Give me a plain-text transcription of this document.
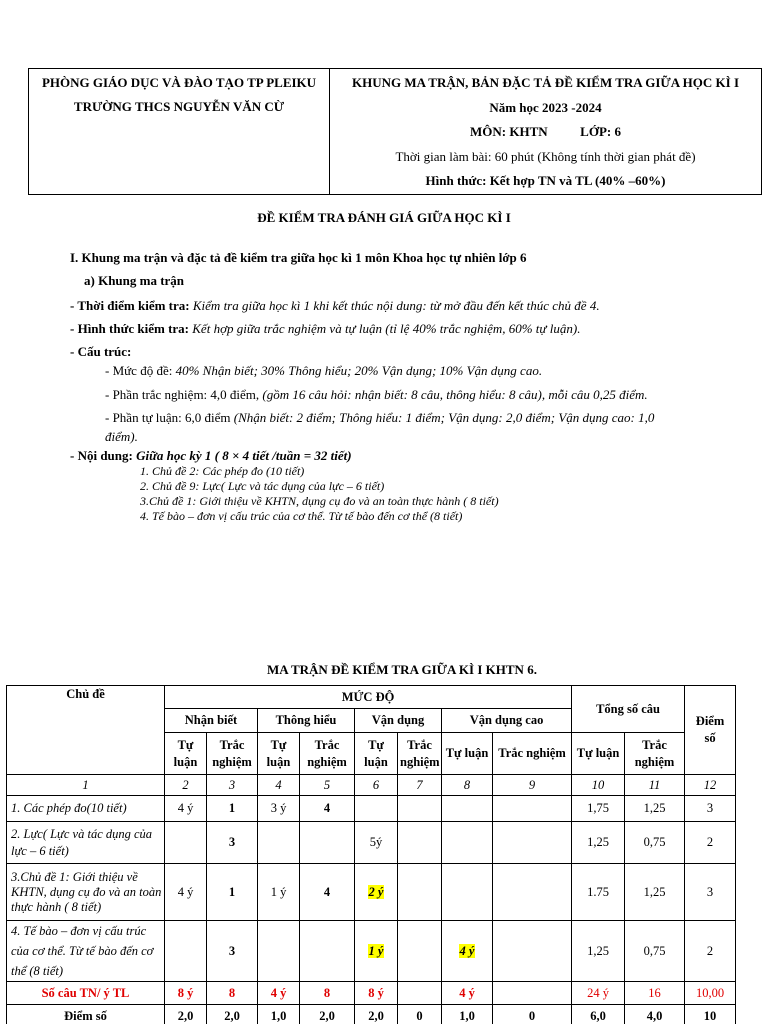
PHÒNG GIÁO DỤC VÀ ĐÀO TẠO TP PLEIKU
TRƯỜNG THCS NGUYỄN VĂN CỪ

KHUNG MA TRẬN, BẢN ĐẶC TẢ ĐỀ KIỂM TRA GIỮA HỌC KÌ I
Năm học 2023 -2024
MÔN: KHTN          LỚP: 6
Thời gian làm bài: 60 phút (Không tính thời gian phát đề)
Hình thức: Kết hợp TN và TL (40% –60%)
ĐỀ KIỂM TRA ĐÁNH GIÁ GIỮA HỌC KÌ I
I. Khung ma trận và đặc tả đề kiểm tra giữa học kì 1 môn Khoa học tự nhiên lớp 6
a) Khung ma trận
- Thời điểm kiểm tra: Kiểm tra giữa học kì 1 khi kết thúc nội dung: từ mở đầu đến kết thúc chủ đề 4.
- Hình thức kiểm tra: Kết hợp giữa trắc nghiệm và tự luận (tỉ lệ 40% trắc nghiệm, 60% tự luận).
- Cấu trúc:
- Mức độ đề: 40% Nhận biết; 30% Thông hiểu; 20% Vận dụng; 10% Vận dụng cao.
- Phần trắc nghiệm: 4,0 điểm, (gồm 16 câu hỏi: nhận biết: 8 câu, thông hiểu: 8 câu), mỗi câu 0,25 điểm.
- Phần tự luận: 6,0 điểm (Nhận biết: 2 điểm; Thông hiểu: 1 điểm; Vận dụng: 2,0 điểm; Vận dụng cao: 1,0
điểm).
- Nội dung: Giữa học kỳ 1 ( 8 × 4 tiết /tuần = 32 tiết)
1. Chủ đề 2: Các phép đo (10 tiết)
2. Chủ đề 9: Lực( Lực và tác dụng của lực – 6 tiết)
3.Chủ đề 1: Giới thiệu về KHTN, dụng cụ đo và an toàn thực hành ( 8 tiết)
4. Tế bào – đơn vị cấu trúc của cơ thể. Từ tế bào đến cơ thể (8 tiết)
MA TRẬN ĐỀ KIỂM TRA GIỮA KÌ I KHTN 6.
Chủ đề	MỨC ĐỘ								Tổng số câu		Điểm số
	Nhận biết		Thông hiểu		Vận dụng		Vận dụng cao				
	Tự luận	Trắc nghiệm	Tự luận	Trắc nghiệm	Tự luận	Trắc nghiệm	Tự luận	Trắc nghiệm	Tự luận	Trắc nghiệm	
1	2	3	4	5	6	7	8	9	10	11	12
1. Các phép đo(10 tiết)	4 ý	1	3 ý	4					1,75	1,25	3
2. Lực( Lực và tác dụng của lực – 6 tiết)		3			5ý				1,25	0,75	2
3.Chủ đề 1: Giới thiệu về KHTN, dụng cụ đo và an toàn thực hành ( 8 tiết)	4 ý	1	1 ý	4	2 ý				1.75	1,25	3
4. Tế bào – đơn vị cấu trúc của cơ thể. Từ tế bào đến cơ thể (8 tiết)		3			1 ý		4 ý		1,25	0,75	2
Số câu TN/ ý TL	8 ý	8	4 ý	8	8 ý		4 ý		24 ý	16	10,00
Điểm số	2,0	2,0	1,0	2,0	2,0	0	1,0	0	6,0	4,0	10
